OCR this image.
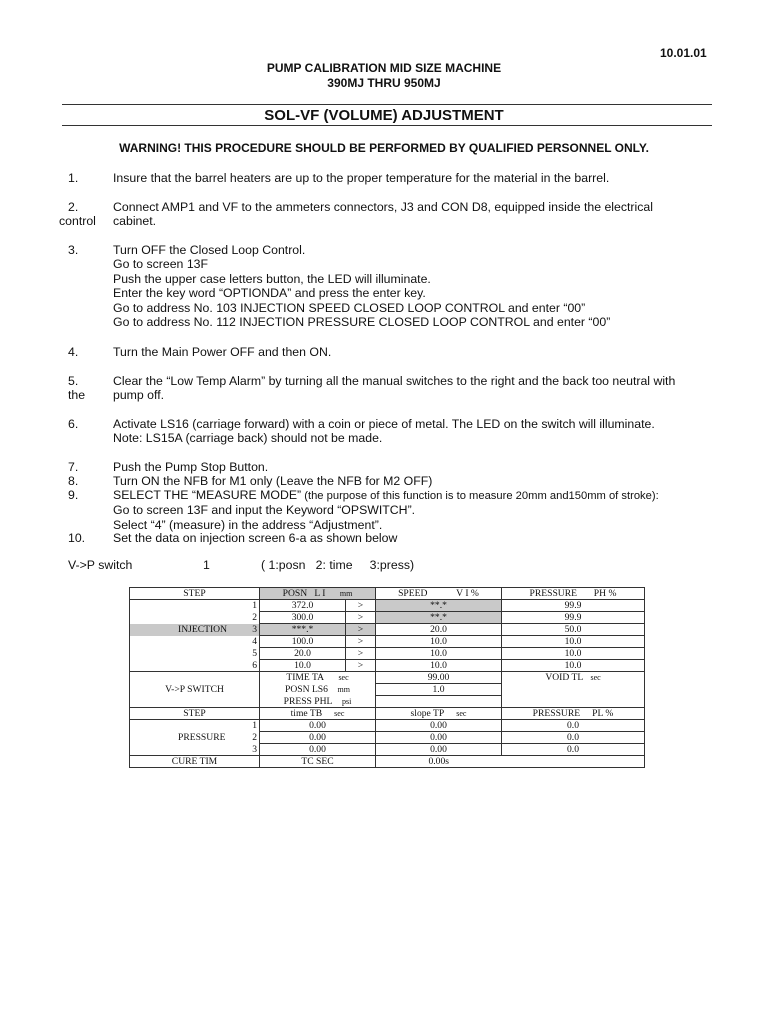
10.01.01
PUMP CALIBRATION MID SIZE MACHINE
390MJ THRU 950MJ
SOL-VF (VOLUME) ADJUSTMENT
WARNING! THIS PROCEDURE SHOULD BE PERFORMED BY QUALIFIED PERSONNEL ONLY.
1.	Insure that the barrel heaters are up to the proper temperature for the material in the barrel.
2.	Connect AMP1 and VF to the ammeters connectors, J3 and CON D8, equipped inside the electrical
control cabinet.
3.	Turn OFF the Closed Loop Control.
Go to screen 13F
Push the upper case letters button, the LED will illuminate.
Enter the key word “OPTIONDA” and press the enter key.
Go to address No. 103 INJECTION SPEED CLOSED LOOP CONTROL and enter “00”
Go to address No. 112 INJECTION PRESSURE CLOSED LOOP CONTROL and enter “00”
4.	Turn the Main Power OFF and then ON.
5.	Clear the “Low Temp Alarm” by turning all the manual switches to the right and the back too neutral with
the pump off.
6.	Activate LS16 (carriage forward) with a coin or piece of metal. The LED on the switch will illuminate.
Note: LS15A (carriage back) should not be made.
7.	Push the Pump Stop Button.
8.	Turn ON the NFB for M1 only (Leave the NFB for M2 OFF)
9.	SELECT THE “MEASURE MODE” (the purpose of this function is to measure 20mm and150mm of stroke):
Go to screen 13F and input the Keyword “OPSWITCH”.
Select “4” (measure) in the address “Adjustment”.
10.	Set the data on injection screen 6-a as shown below
V->P switch	1	( 1:posn   2: time     3:press)
STEP	POSN L I mm		SPEED V I %	PRESSURE PH %
1	372.0	>	**.*	99.9
2	300.0	>	**.*	99.9

INJECTION 3	***.*	>	20.0	50.0
4	100.0	>	10.0	10.0
5	20.0	>	10.0	10.0
6	10.0	>	10.0	10.0
	TIME TA sec		99.00	VOID TL sec
V->P SWITCH	POSN LS6 mm		1.0	
	PRESS PHL psi			
STEP	time TB sec		slope TP sec	PRESSURE PL %
1	0.00		0.00	0.0

PRESSURE 2	0.00		0.00	0.0
3	0.00		0.00	0.0
CURE TIM	TC SEC		0.00s	
